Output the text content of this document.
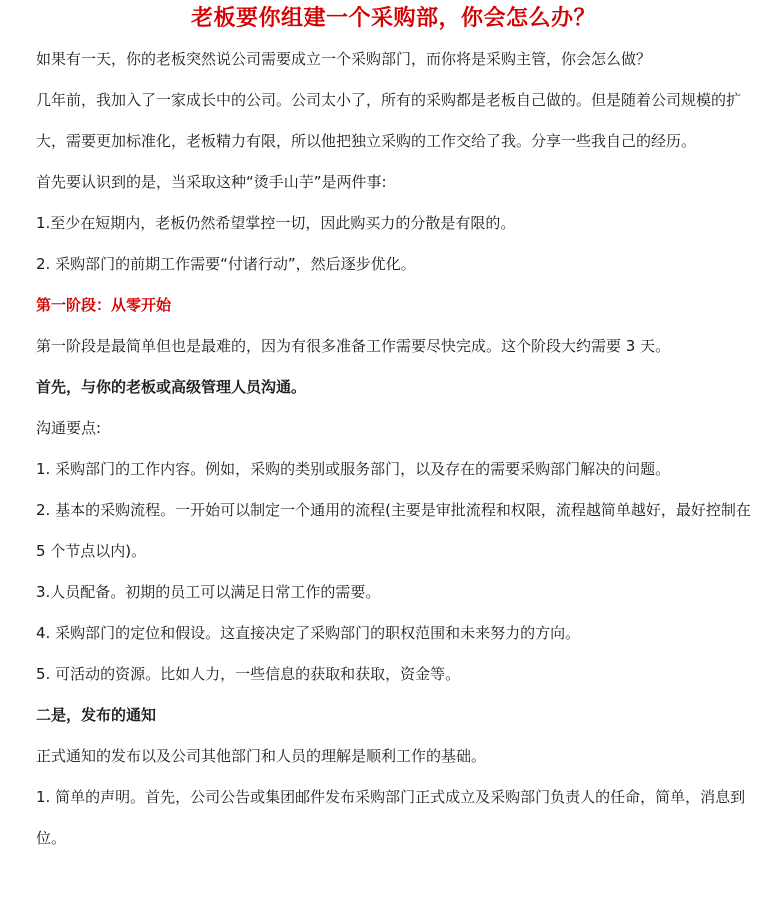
老板要你组建一个采购部，你会怎么办？

如果有一天，你的老板突然说公司需要成立一个采购部门，而你将是采购主管，你会怎么做？

几年前，我加入了一家成长中的公司。公司太小了，所有的采购都是老板自己做的。但是随着公司规模的扩大，需要更加标准化，老板精力有限，所以他把独立采购的工作交给了我。分享一些我自己的经历。

首先要认识到的是，当采取这种“烫手山芋”是两件事:

1.至少在短期内，老板仍然希望掌控一切，因此购买力的分散是有限的。

2. 采购部门的前期工作需要“付诸行动”，然后逐步优化。

第一阶段：从零开始

第一阶段是最简单但也是最难的，因为有很多准备工作需要尽快完成。这个阶段大约需要 3 天。

首先，与你的老板或高级管理人员沟通。

沟通要点:

1. 采购部门的工作内容。例如，采购的类别或服务部门，以及存在的需要采购部门解决的问题。

2. 基本的采购流程。一开始可以制定一个通用的流程(主要是审批流程和权限，流程越简单越好，最好控制在 5 个节点以内)。

3.人员配备。初期的员工可以满足日常工作的需要。

4. 采购部门的定位和假设。这直接决定了采购部门的职权范围和未来努力的方向。

5. 可活动的资源。比如人力，一些信息的获取和获取，资金等。

二是，发布的通知

正式通知的发布以及公司其他部门和人员的理解是顺利工作的基础。

1. 简单的声明。首先，公司公告或集团邮件发布采购部门正式成立及采购部门负责人的任命，简单，消息到位。
